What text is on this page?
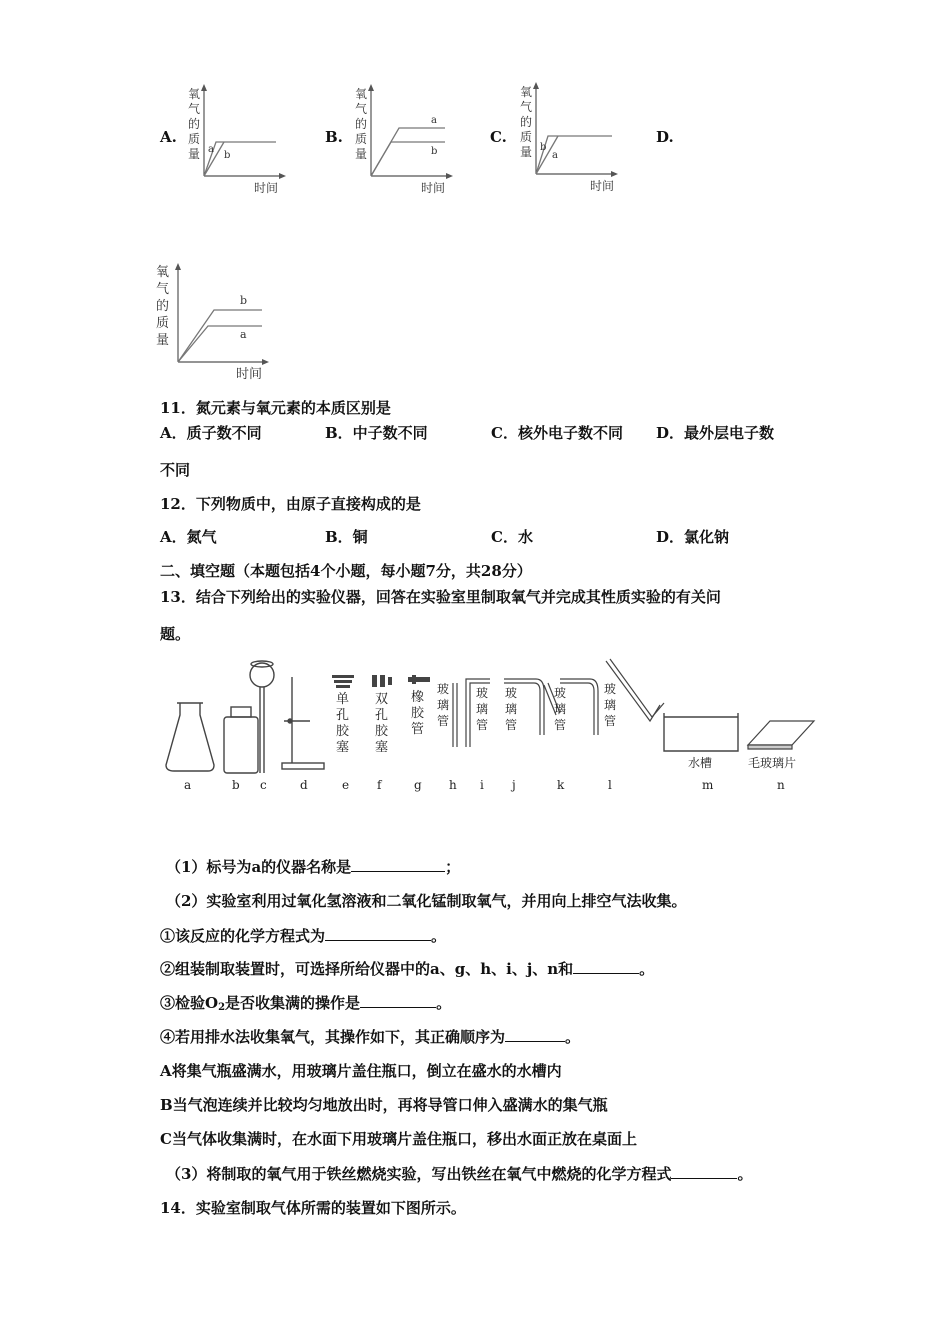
A.
氧
气
的
质
量 a
b
时间
B.
氧
气
的
质
量
a
b
时间
C.
氧
气
的
质
量 b
a
时间
D.
氧
气
的
质
量
b
a
时间
11．氮元素与氧元素的本质区别是
A．质子数不同	B．中子数不同	C．核外电子数不同 D．最外层电子数
不同
12．下列物质中，由原子直接构成的是
A．氮气	B．铜	C．水	D．氯化钠
二、填空题（本题包括4个小题，每小题7分，共28分）
13．结合下列给出的实验仪器，回答在实验室里制取氧气并完成其性质实验的有关问
题。
单
孔
胶
塞
双
孔
胶
塞
橡
胶
管
玻
璃
管
玻
璃
管
玻
璃
管
玻
璃
管
玻
璃
管
水槽	毛玻璃片
a	b c	d	e f	g h i j	k	l	m	n
（1）标号为a的仪器名称是	；
（2）实验室利用过氧化氢溶液和二氧化锰制取氧气，并用向上排空气法收集。
①该反应的化学方程式为	。
②组装制取装置时，可选择所给仪器中的a、g、h、i、j、n和	。
③检验$O_2$是否收集满的操作是	。
④若用排水法收集氧气，其操作如下，其正确顺序为	。
A将集气瓶盛满水，用玻璃片盖住瓶口，倒立在盛水的水槽内
B当气泡连续并比较均匀地放出时，再将导管口伸入盛满水的集气瓶
C当气体收集满时，在水面下用玻璃片盖住瓶口，移出水面正放在桌面上
（3）将制取的氧气用于铁丝燃烧实验，写出铁丝在氧气中燃烧的化学方程式	。
14．实验室制取气体所需的装置如下图所示。
